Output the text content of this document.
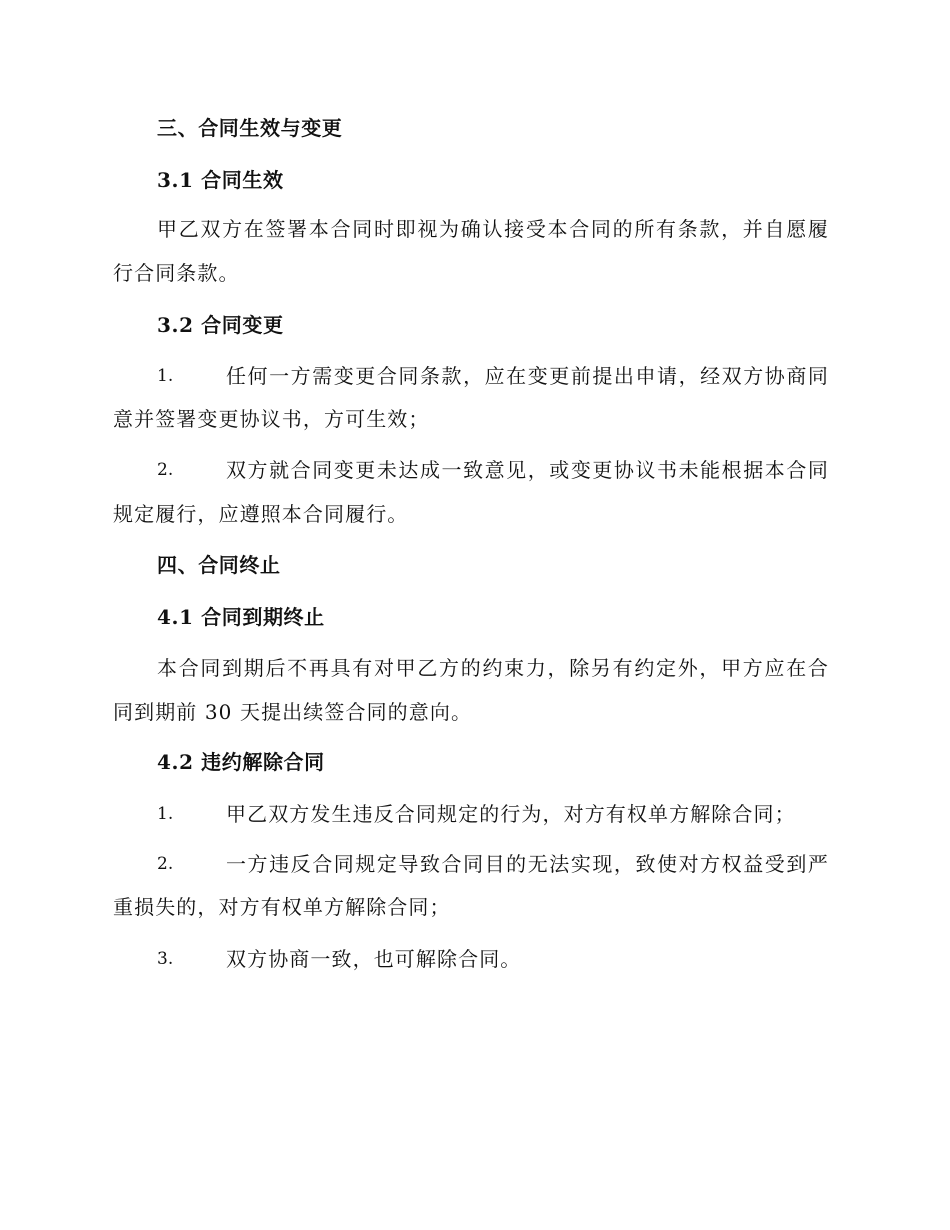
三、合同生效与变更
3.1 合同生效
甲乙双方在签署本合同时即视为确认接受本合同的所有条款，并自愿履
行合同条款。
3.2 合同变更
1.	任何一方需变更合同条款，应在变更前提出申请，经双方协商同
意并签署变更协议书，方可生效；
2.	双方就合同变更未达成一致意见，或变更协议书未能根据本合同
规定履行，应遵照本合同履行。
四、合同终止
4.1 合同到期终止
本合同到期后不再具有对甲乙方的约束力，除另有约定外，甲方应在合
同到期前 30 天提出续签合同的意向。
4.2 违约解除合同
1.	甲乙双方发生违反合同规定的行为，对方有权单方解除合同；
2.	一方违反合同规定导致合同目的无法实现，致使对方权益受到严
重损失的，对方有权单方解除合同；
3.	双方协商一致，也可解除合同。
